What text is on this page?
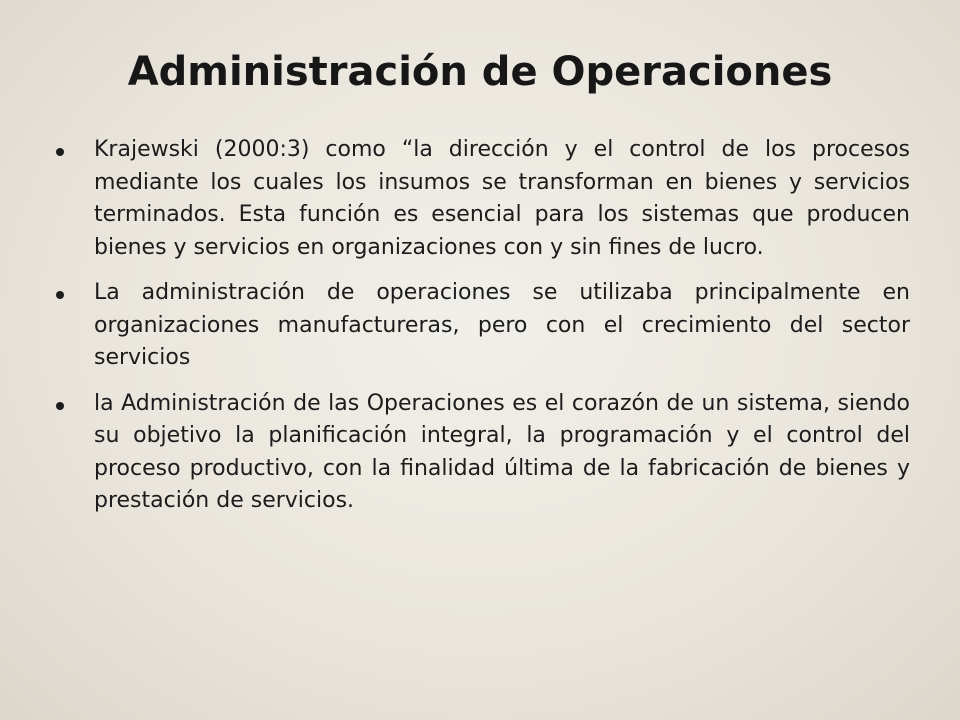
Administración de Operaciones
Krajewski (2000:3) como “la dirección y el control de los procesos mediante los cuales los insumos se transforman en bienes y servicios terminados. Esta función es esencial para los sistemas que producen bienes y servicios en organizaciones con y sin fines de lucro.
La administración de operaciones se utilizaba principalmente en organizaciones manufactureras, pero con el crecimiento del sector servicios
la Administración de las Operaciones es el corazón de un sistema, siendo su objetivo la planificación integral, la programación y el control del proceso productivo, con la finalidad última de la fabricación de bienes y prestación de servicios.
